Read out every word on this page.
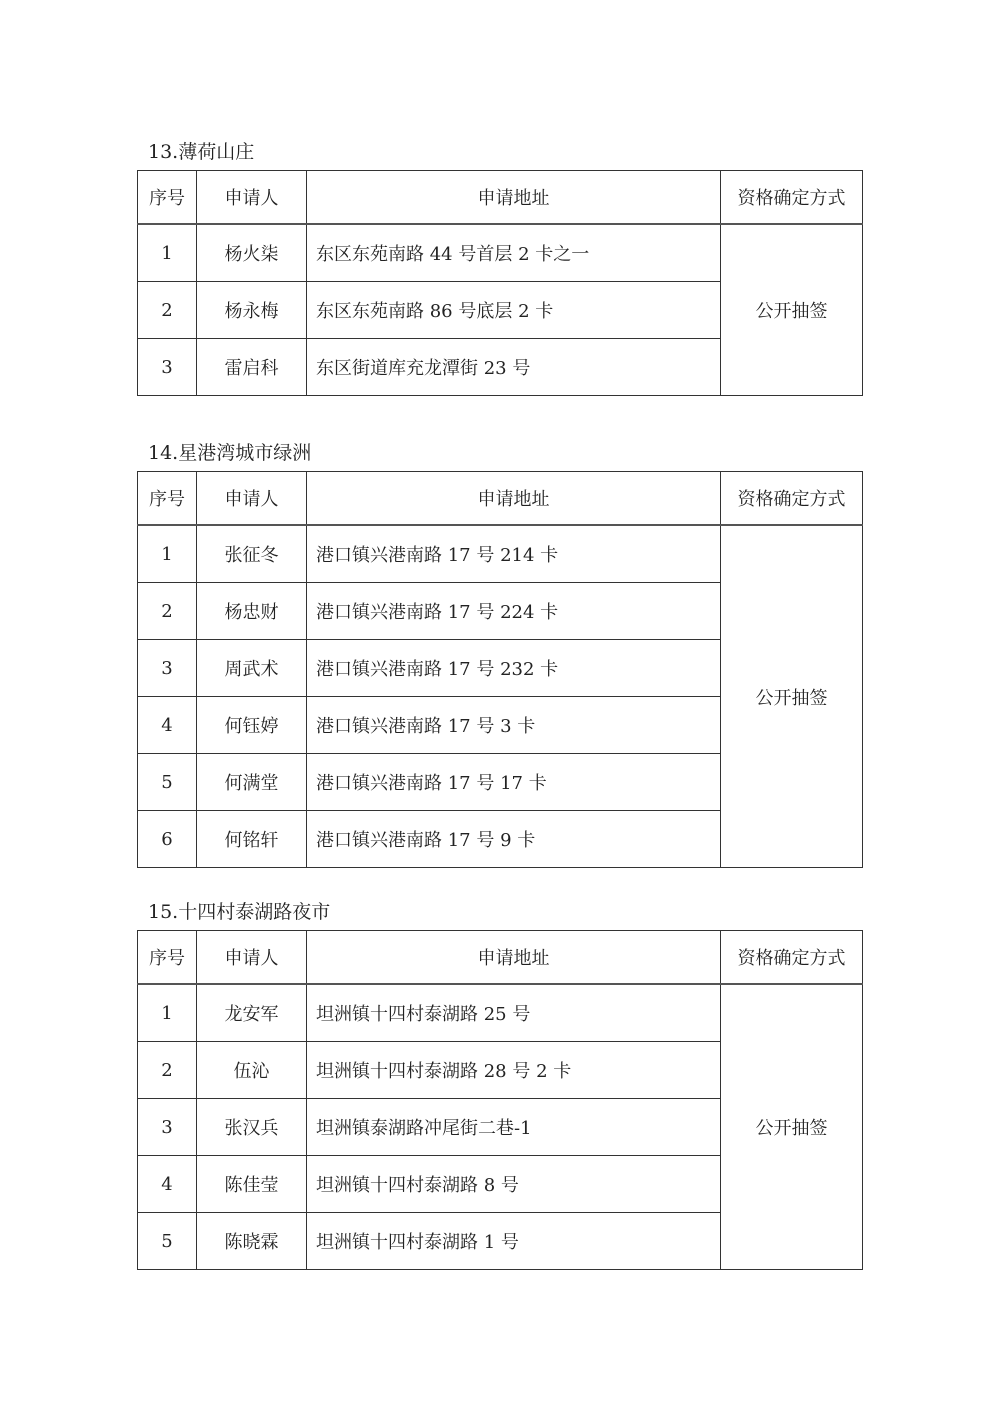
13.薄荷山庄
序号	申请人	申请地址	资格确定方式
1	杨火柒	东区东苑南路 44 号首层 2 卡之一	公开抽签
2	杨永梅	东区东苑南路 86 号底层 2 卡	
3	雷启科	东区街道库充龙潭街 23 号	
14.星港湾城市绿洲
序号	申请人	申请地址	资格确定方式
1	张征冬	港口镇兴港南路 17 号 214 卡	公开抽签
2	杨忠财	港口镇兴港南路 17 号 224 卡	
3	周武术	港口镇兴港南路 17 号 232 卡	
4	何钰婷	港口镇兴港南路 17 号 3 卡	
5	何满堂	港口镇兴港南路 17 号 17 卡	
6	何铭轩	港口镇兴港南路 17 号 9 卡	
15.十四村泰湖路夜市
序号	申请人	申请地址	资格确定方式
1	龙安军	坦洲镇十四村泰湖路 25 号	公开抽签
2	伍沁	坦洲镇十四村泰湖路 28 号 2 卡	
3	张汉兵	坦洲镇泰湖路冲尾街二巷-1	
4	陈佳莹	坦洲镇十四村泰湖路 8 号	
5	陈晓霖	坦洲镇十四村泰湖路 1 号	
